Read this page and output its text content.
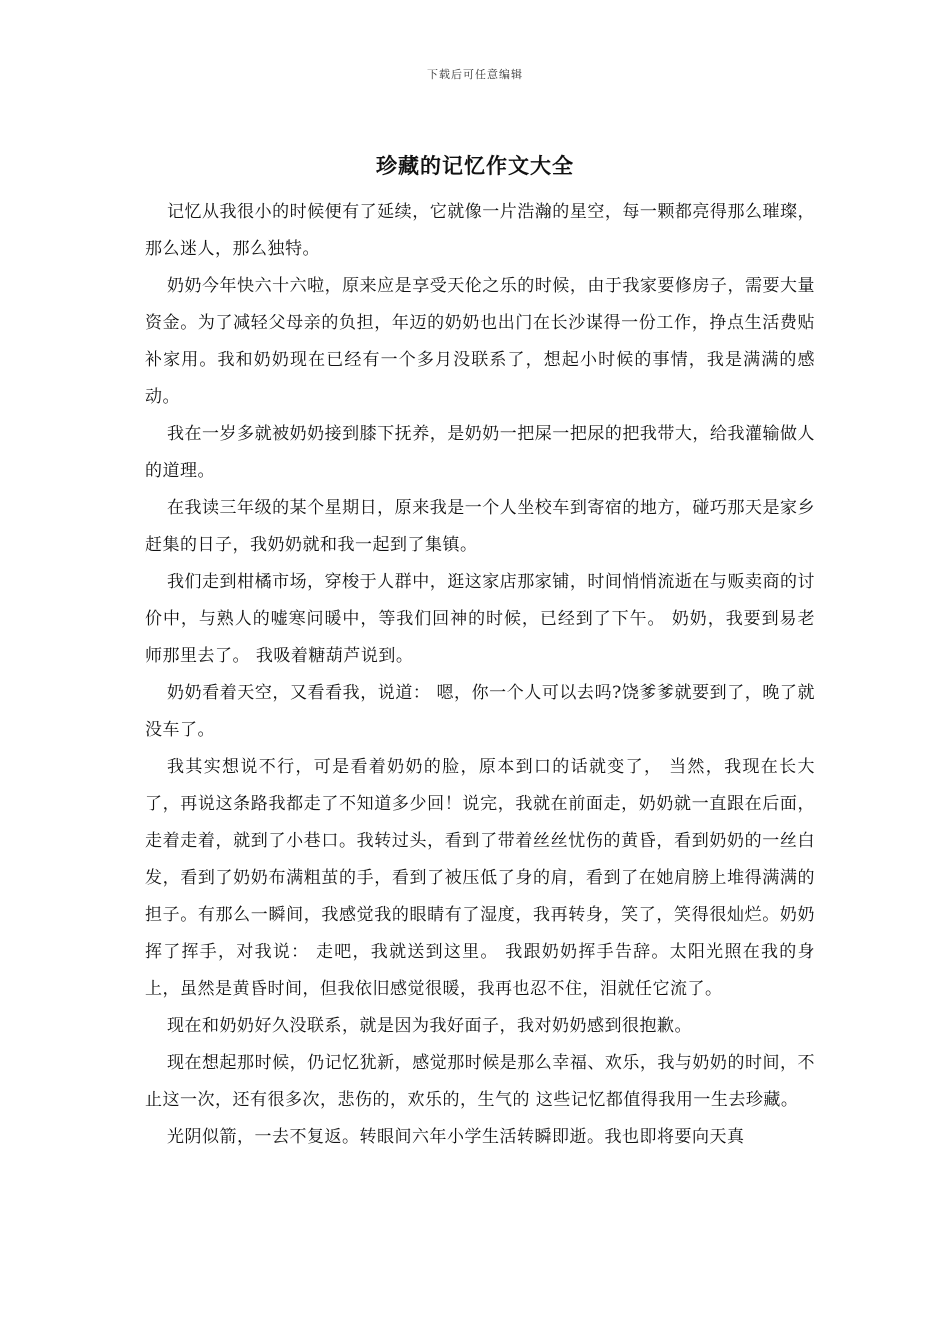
下载后可任意编辑
珍藏的记忆作文大全

记忆从我很小的时候便有了延续，它就像一片浩瀚的星空，每一颗都亮得那么璀璨，那么迷人，那么独特。

奶奶今年快六十六啦，原来应是享受天伦之乐的时候，由于我家要修房子，需要大量资金。为了减轻父母亲的负担，年迈的奶奶也出门在长沙谋得一份工作，挣点生活费贴补家用。我和奶奶现在已经有一个多月没联系了，想起小时候的事情，我是满满的感动。

我在一岁多就被奶奶接到膝下抚养，是奶奶一把屎一把尿的把我带大，给我灌输做人的道理。

在我读三年级的某个星期日，原来我是一个人坐校车到寄宿的地方，碰巧那天是家乡赶集的日子，我奶奶就和我一起到了集镇。

我们走到柑橘市场，穿梭于人群中，逛这家店那家铺，时间悄悄流逝在与贩卖商的讨价中，与熟人的嘘寒问暖中，等我们回神的时候，已经到了下午。 奶奶，我要到易老师那里去了。 我吸着糖葫芦说到。

奶奶看着天空，又看看我，说道： 嗯，你一个人可以去吗?饶爹爹就要到了，晚了就没车了。

我其实想说不行，可是看着奶奶的脸，原本到口的话就变了， 当然，我现在长大了，再说这条路我都走了不知道多少回！说完，我就在前面走，奶奶就一直跟在后面，走着走着，就到了小巷口。我转过头，看到了带着丝丝忧伤的黄昏，看到奶奶的一丝白发，看到了奶奶布满粗茧的手，看到了被压低了身的肩，看到了在她肩膀上堆得满满的担子。有那么一瞬间，我感觉我的眼睛有了湿度，我再转身，笑了，笑得很灿烂。奶奶挥了挥手，对我说： 走吧，我就送到这里。 我跟奶奶挥手告辞。太阳光照在我的身上，虽然是黄昏时间，但我依旧感觉很暖，我再也忍不住，泪就任它流了。

现在和奶奶好久没联系，就是因为我好面子，我对奶奶感到很抱歉。

现在想起那时候，仍记忆犹新，感觉那时候是那么幸福、欢乐，我与奶奶的时间，不止这一次，还有很多次，悲伤的，欢乐的，生气的 这些记忆都值得我用一生去珍藏。

光阴似箭，一去不复返。转眼间六年小学生活转瞬即逝。我也即将要向天真
